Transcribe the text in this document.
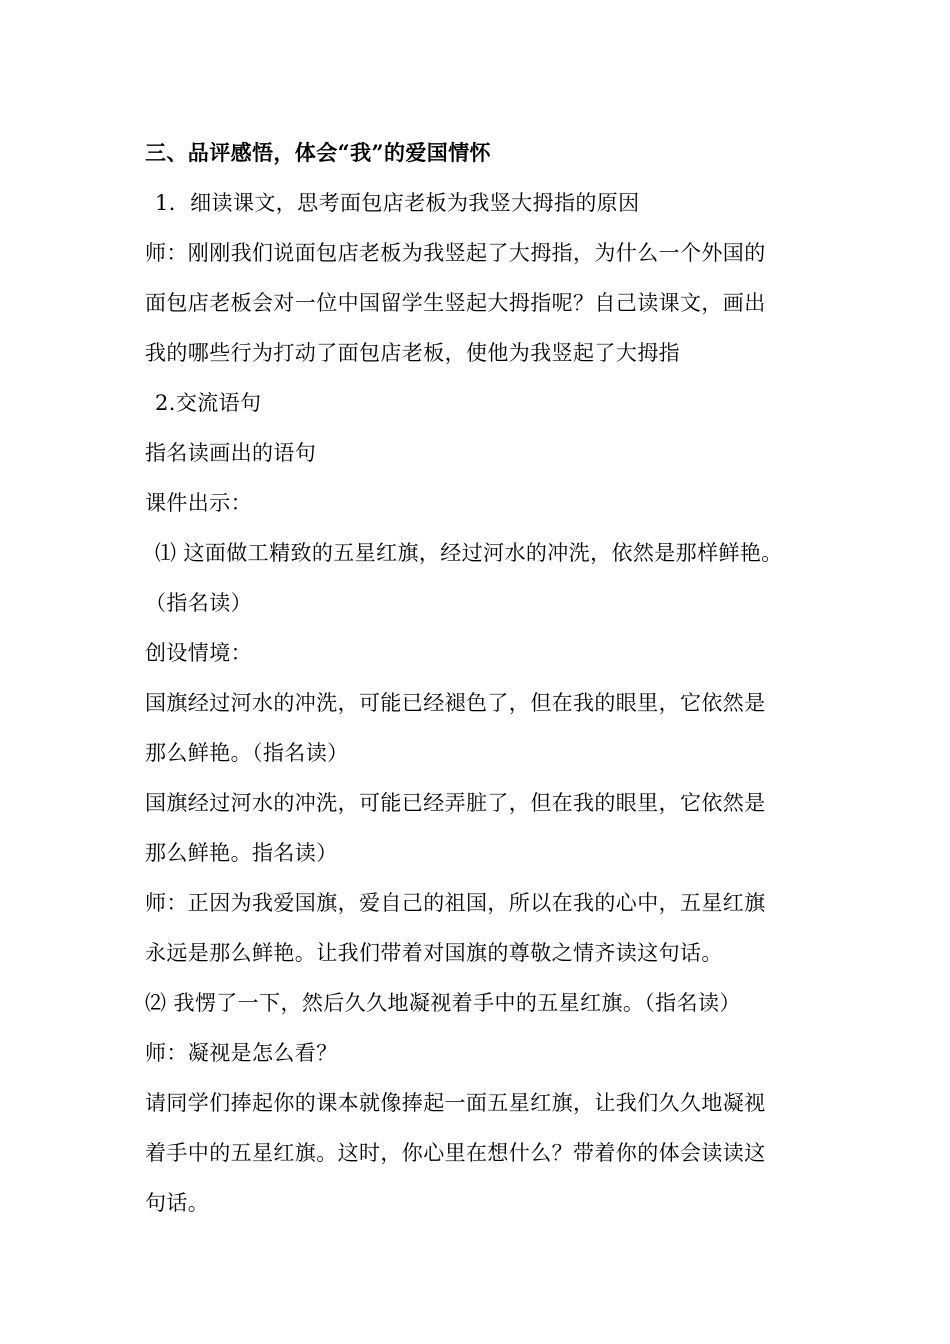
三、品评感悟，体会“我”的爱国情怀
1．细读课文，思考面包店老板为我竖大拇指的原因
师：刚刚我们说面包店老板为我竖起了大拇指，为什么一个外国的
面包店老板会对一位中国留学生竖起大拇指呢？自己读课文，画出
我的哪些行为打动了面包店老板，使他为我竖起了大拇指
2.交流语句
指名读画出的语句
课件出示：
⑴ 这面做工精致的五星红旗，经过河水的冲洗，依然是那样鲜艳。
（指名读）
创设情境：
国旗经过河水的冲洗，可能已经褪色了，但在我的眼里，它依然是
那么鲜艳。（指名读）
国旗经过河水的冲洗，可能已经弄脏了，但在我的眼里，它依然是
那么鲜艳。指名读）
师：正因为我爱国旗，爱自己的祖国，所以在我的心中，五星红旗
永远是那么鲜艳。让我们带着对国旗的尊敬之情齐读这句话。
⑵ 我愣了一下，然后久久地凝视着手中的五星红旗。（指名读）
师：凝视是怎么看？
请同学们捧起你的课本就像捧起一面五星红旗，让我们久久地凝视
着手中的五星红旗。这时，你心里在想什么？带着你的体会读读这
句话。
